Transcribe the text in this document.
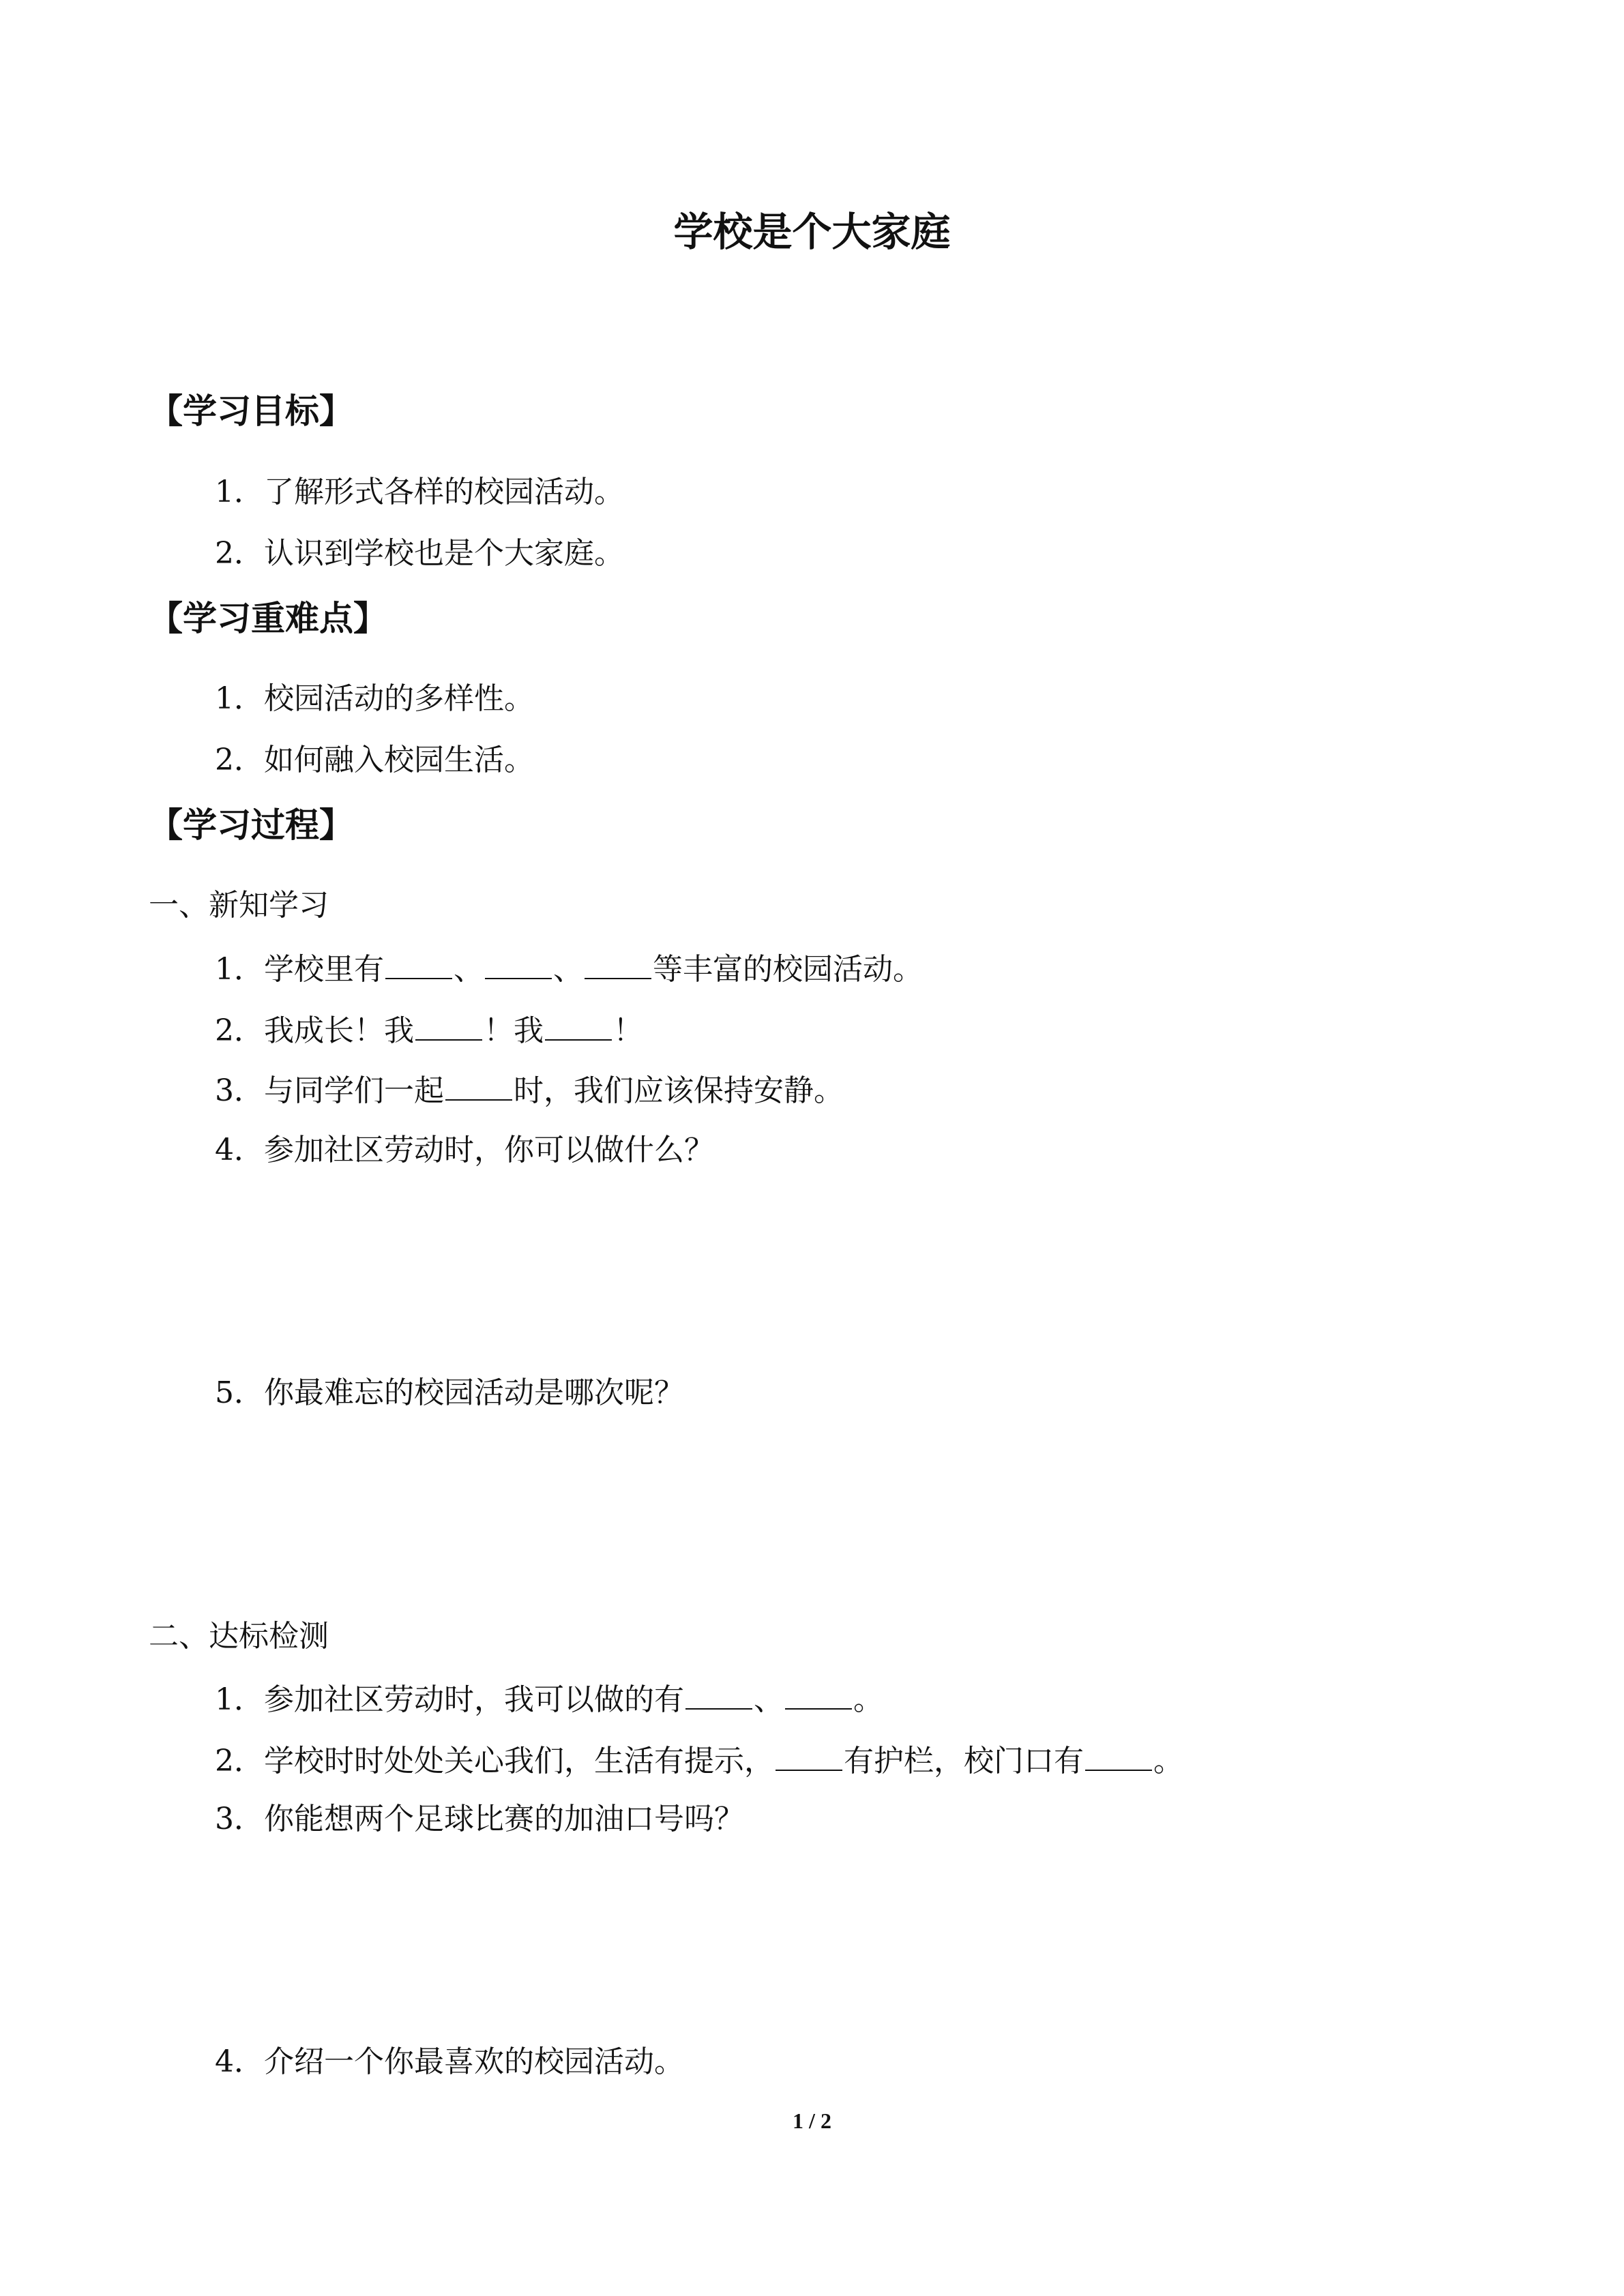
学校是个大家庭
【学习目标】
1．了解形式各样的校园活动。
2．认识到学校也是个大家庭。
【学习重难点】
1．校园活动的多样性。
2．如何融入校园生活。
【学习过程】
一、新知学习
1．学校里有 、 、 等丰富的校园活动。
2．我成长！我 ！我 ！
3．与同学们一起 时，我们应该保持安静。
4．参加社区劳动时，你可以做什么？
5．你最难忘的校园活动是哪次呢？
二、达标检测
1．参加社区劳动时，我可以做的有 、 。
2．学校时时处处关心我们，生活有提示， 有护栏，校门口有 。
3．你能想两个足球比赛的加油口号吗？
4．介绍一个你最喜欢的校园活动。
1 / 2
